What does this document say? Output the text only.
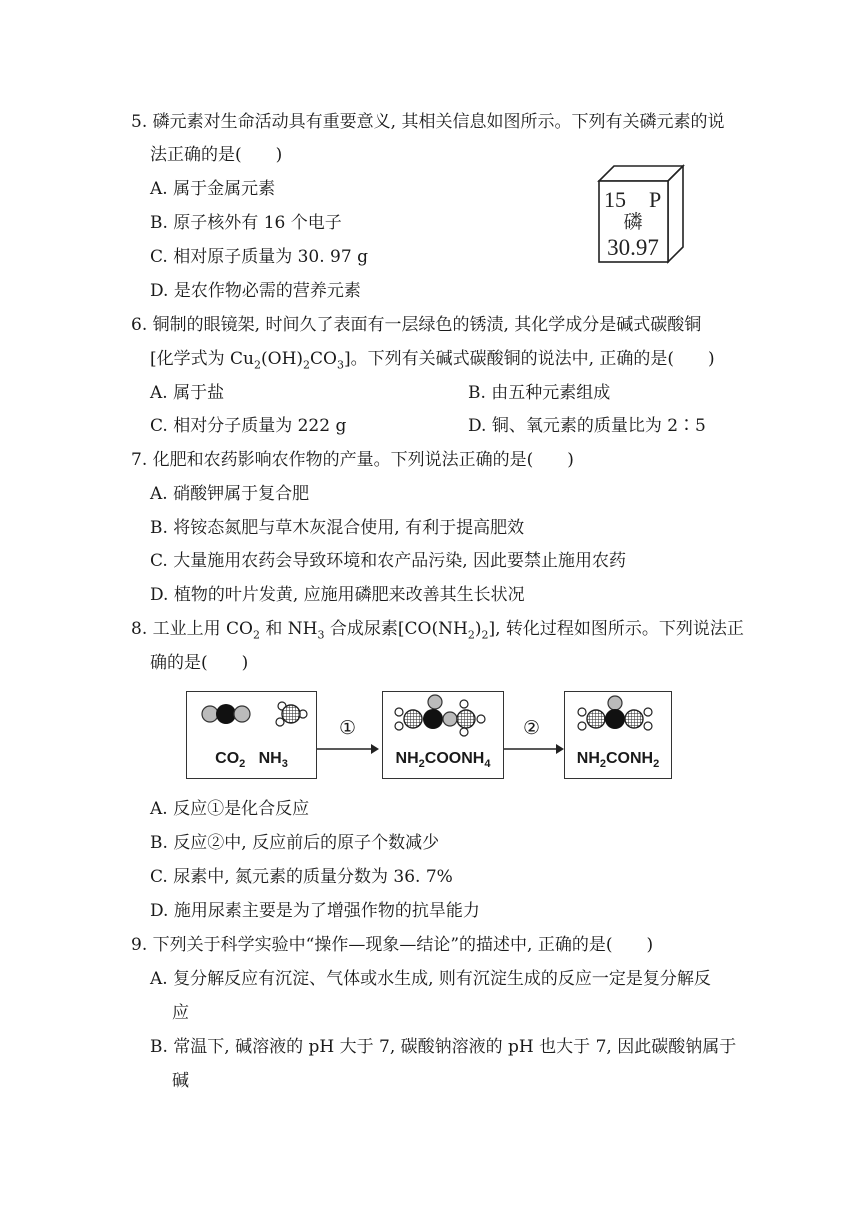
5. 磷元素对生命活动具有重要意义, 其相关信息如图所示。下列有关磷元素的说
法正确的是(　　)
A. 属于金属元素
B. 原子核外有 16 个电子
C. 相对原子质量为 30. 97 g
D. 是农作物必需的营养元素
15 P
磷
30.97
6. 铜制的眼镜架, 时间久了表面有一层绿色的锈渍, 其化学成分是碱式碳酸铜
[化学式为 $Cu_2(OH)_2CO_3$]。下列有关碱式碳酸铜的说法中, 正确的是(　　)
A. 属于盐	B. 由五种元素组成
C. 相对分子质量为 222 g	D. 铜、氧元素的质量比为 2∶5
7. 化肥和农药影响农作物的产量。下列说法正确的是(　　)
A. 硝酸钾属于复合肥
B. 将铵态氮肥与草木灰混合使用, 有利于提高肥效
C. 大量施用农药会导致环境和农产品污染, 因此要禁止施用农药
D. 植物的叶片发黄, 应施用磷肥来改善其生长状况
8. 工业上用 $CO_2$ 和 $NH_3$ 合成尿素$[CO(NH_2)_2]$, 转化过程如图所示。下列说法正
确的是(　　)
$CO_2$ $NH_3$
①
$NH_2COONH_4$
②
$NH_2CONH_2$
A. 反应①是化合反应
B. 反应②中, 反应前后的原子个数减少
C. 尿素中, 氮元素的质量分数为 36. 7%
D. 施用尿素主要是为了增强作物的抗旱能力
9. 下列关于科学实验中“操作—现象—结论”的描述中, 正确的是(　　)
A. 复分解反应有沉淀、气体或水生成, 则有沉淀生成的反应一定是复分解反
应
B. 常温下, 碱溶液的 pH 大于 7, 碳酸钠溶液的 pH 也大于 7, 因此碳酸钠属于
碱
